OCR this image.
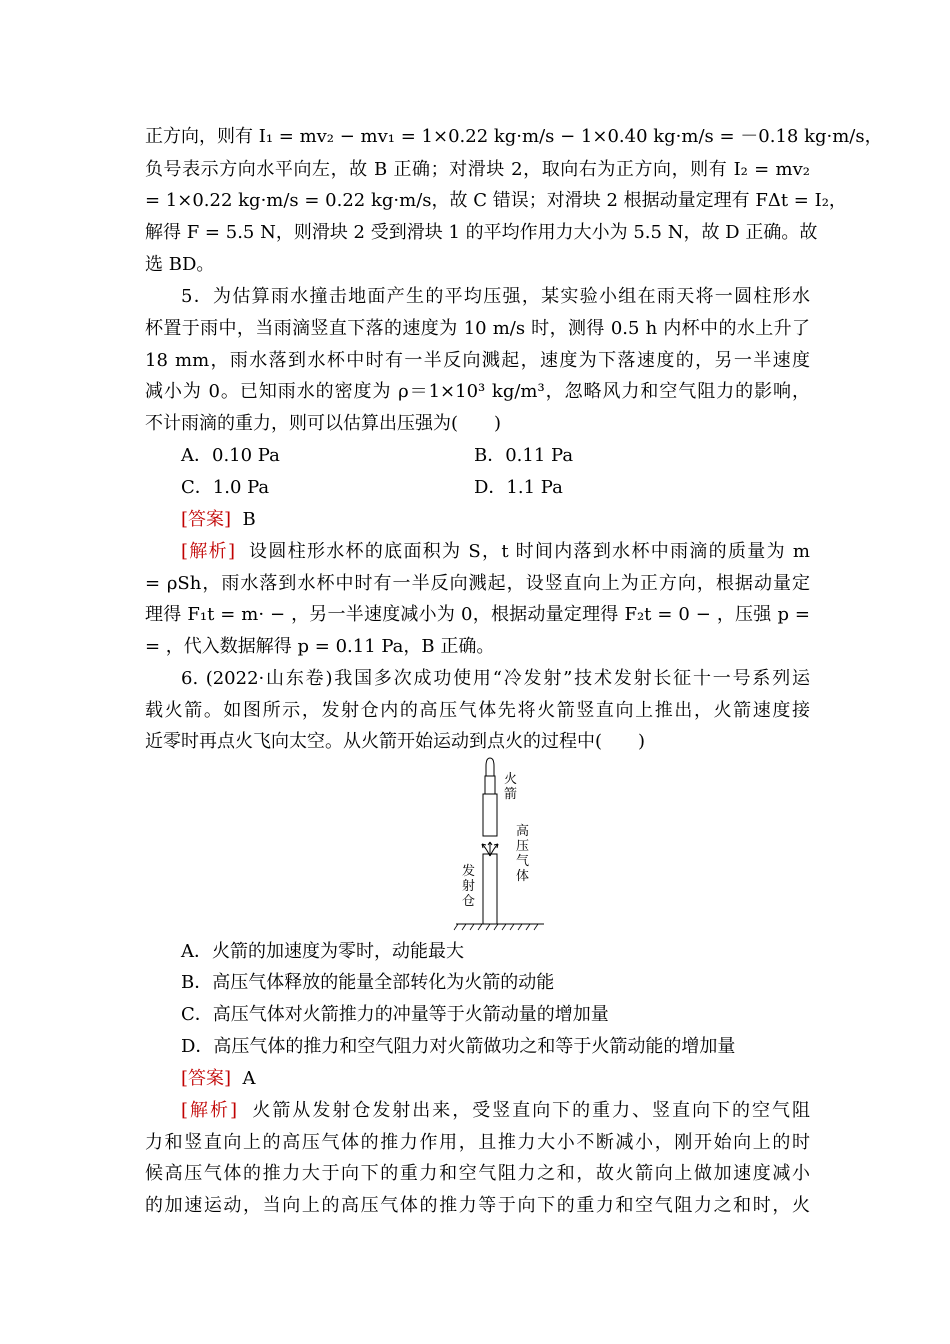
正方向，则有 I₁ = mv₂ − mv₁ = 1×0.22 kg·m/s − 1×0.40 kg·m/s = －0.18 kg·m/s，
负号表示方向水平向左，故 B 正确；对滑块 2，取向右为正方向，则有 I₂ = mv₂
= 1×0.22 kg·m/s = 0.22 kg·m/s，故 C 错误；对滑块 2 根据动量定理有 FΔt = I₂，
解得 F = 5.5 N，则滑块 2 受到滑块 1 的平均作用力大小为 5.5 N，故 D 正确。故
选 BD。
5．为估算雨水撞击地面产生的平均压强，某实验小组在雨天将一圆柱形水
杯置于雨中，当雨滴竖直下落的速度为 10 m/s 时，测得 0.5 h 内杯中的水上升了
18 mm，雨水落到水杯中时有一半反向溅起，速度为下落速度的，另一半速度
减小为 0。已知雨水的密度为 ρ＝1×10³ kg/m³，忽略风力和空气阻力的影响，
不计雨滴的重力，则可以估算出压强为(　　)
A．0.10 Pa	B．0.11 Pa
C．1.0 Pa	D．1.1 Pa
[答案] B
[解析] 设圆柱形水杯的底面积为 S，t 时间内落到水杯中雨滴的质量为 m
= ρSh，雨水落到水杯中时有一半反向溅起，设竖直向上为正方向，根据动量定
理得 F₁t = m· − ，另一半速度减小为 0，根据动量定理得 F₂t = 0 − ，压强 p =
= ，代入数据解得 p = 0.11 Pa，B 正确。
6. (2022·山东卷)我国多次成功使用“冷发射”技术发射长征十一号系列运
载火箭。如图所示，发射仓内的高压气体先将火箭竖直向上推出，火箭速度接
近零时再点火飞向太空。从火箭开始运动到点火的过程中(　　)
火箭
高压气体
发射仓
A．火箭的加速度为零时，动能最大
B．高压气体释放的能量全部转化为火箭的动能
C．高压气体对火箭推力的冲量等于火箭动量的增加量
D．高压气体的推力和空气阻力对火箭做功之和等于火箭动能的增加量
[答案] A
[解析] 火箭从发射仓发射出来，受竖直向下的重力、竖直向下的空气阻
力和竖直向上的高压气体的推力作用，且推力大小不断减小，刚开始向上的时
候高压气体的推力大于向下的重力和空气阻力之和，故火箭向上做加速度减小
的加速运动，当向上的高压气体的推力等于向下的重力和空气阻力之和时，火
